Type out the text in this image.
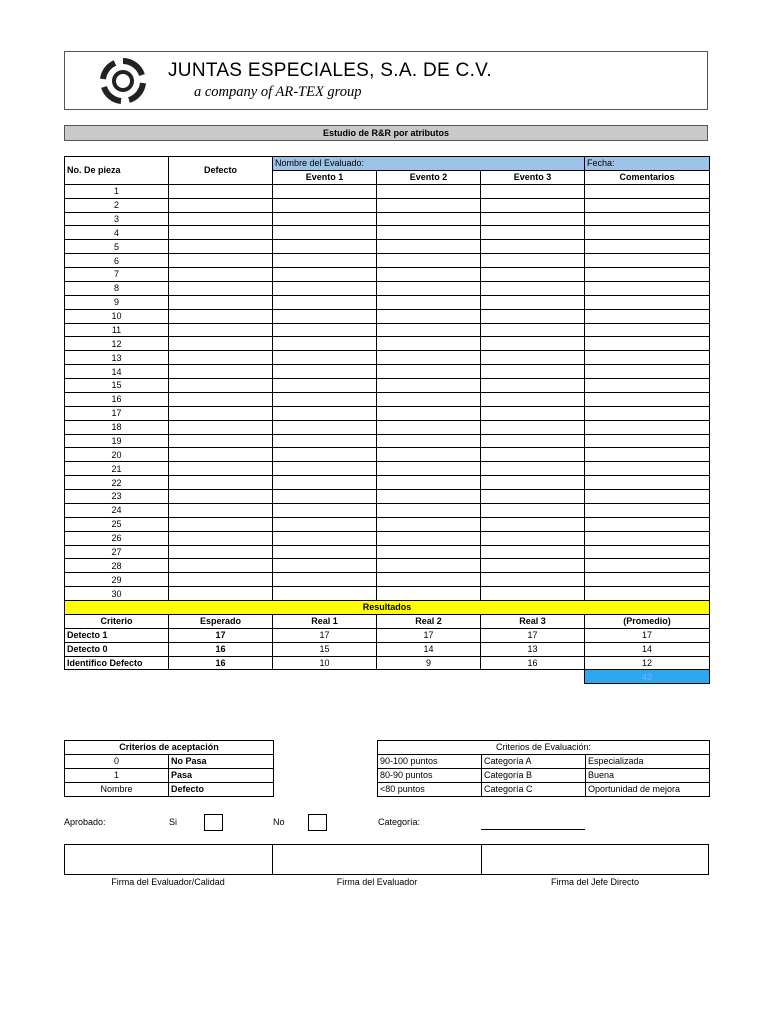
JUNTAS ESPECIALES, S.A. DE C.V.
a company of AR-TEX group
Estudio de R&R por atributos
No. De pieza	Defecto	Nombre del Evaluado:			Fecha:
		Evento 1	Evento 2	Evento 3	Comentarios
1					
2					
3					
4					
5					
6					
7					
8					
9					
10					
11					
12					
13					
14					
15					
16					
17					
18					
19					
20					
21					
22					
23					
24					
25					
26					
27					
28					
29					
30					
Resultados					
Criterio	Esperado	Real 1	Real 2	Real 3	(Promedio)
Detecto 1	17	17	17	17	17
Detecto 0	16	15	14	13	14
Identifico Defecto	16	10	9	16	12
					43
Criterios de aceptación	
0	No Pasa
1	Pasa
Nombre	Defecto
Criterios de Evaluación:		
90-100 puntos	Categoría A	Especializada
80-90 puntos	Categoría B	Buena
<80 puntos	Categoría C	Oportunidad de mejora
Aprobado:	Si	No	Categoría:
Firma del Evaluador/Calidad	Firma del Evaluador	Firma del Jefe Directo
